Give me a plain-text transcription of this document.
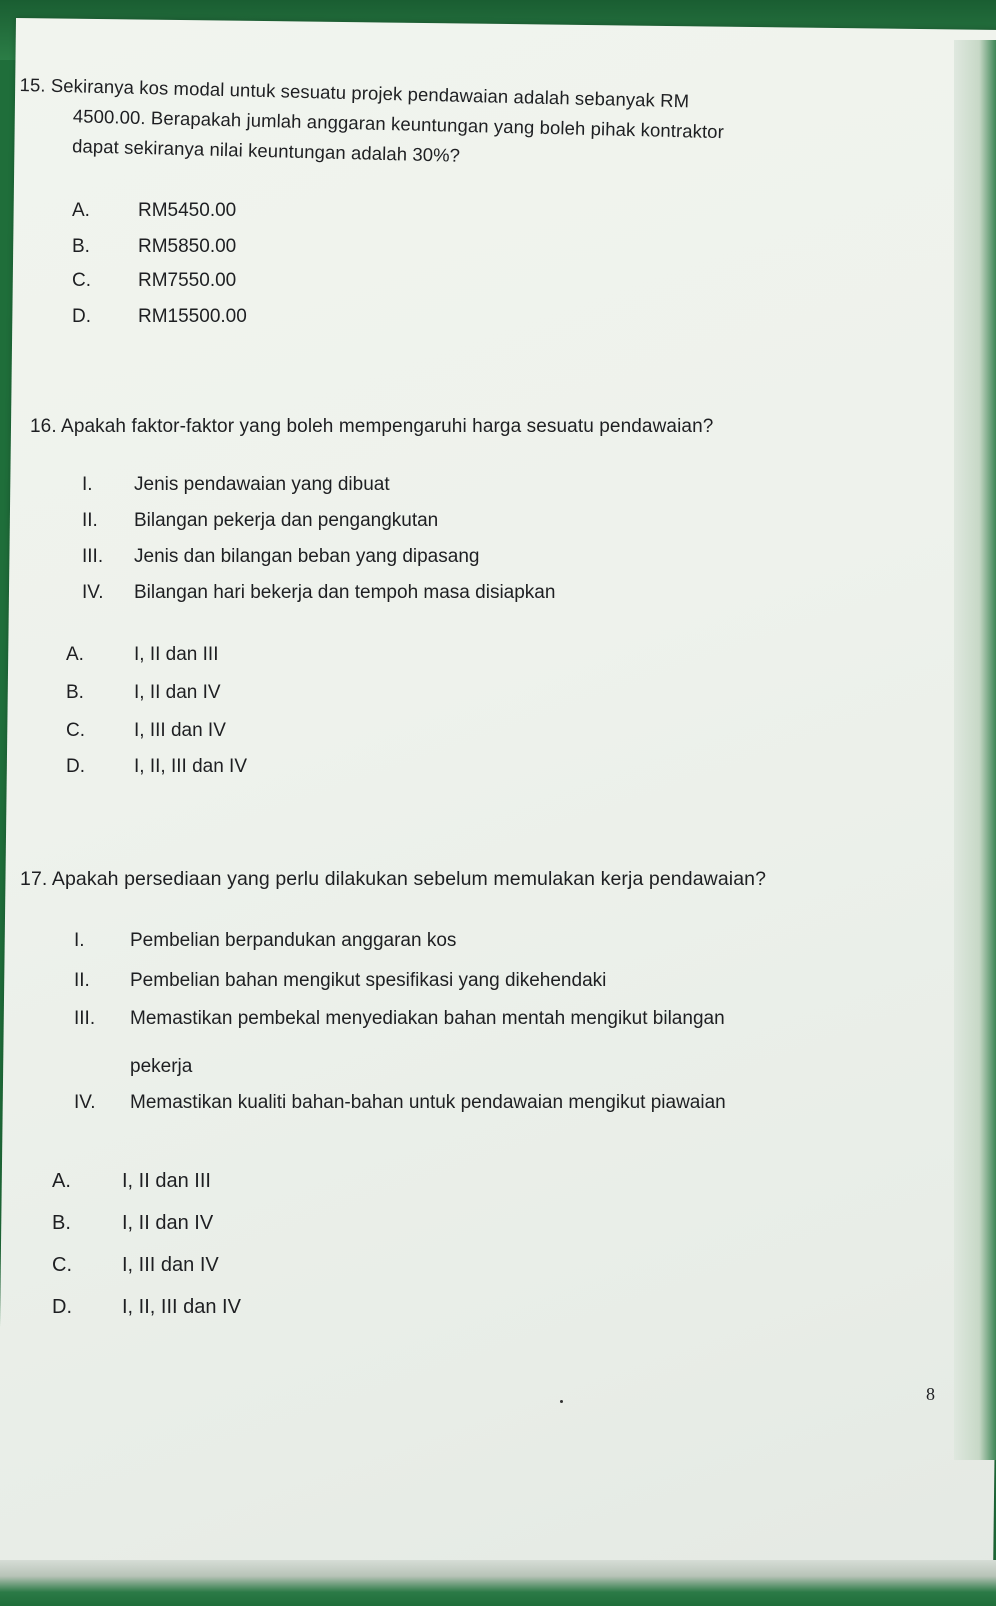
15. Sekiranya kos modal untuk sesuatu projek pendawaian adalah sebanyak RM
4500.00. Berapakah jumlah anggaran keuntungan yang boleh pihak kontraktor
dapat sekiranya nilai keuntungan adalah 30%?
A.	RM5450.00
B.	RM5850.00
C.	RM7550.00
D.	RM15500.00
16. Apakah faktor-faktor yang boleh mempengaruhi harga sesuatu pendawaian?
I.	Jenis pendawaian yang dibuat
II.	Bilangan pekerja dan pengangkutan
III.	Jenis dan bilangan beban yang dipasang
IV.	Bilangan hari bekerja dan tempoh masa disiapkan
A.	I, II dan III
B.	I, II dan IV
C.	I, III dan IV
D.	I, II, III dan IV
17. Apakah persediaan yang perlu dilakukan sebelum memulakan kerja pendawaian?
I.	Pembelian berpandukan anggaran kos
II.	Pembelian bahan mengikut spesifikasi yang dikehendaki
III.	Memastikan pembekal menyediakan bahan mentah mengikut bilangan
pekerja
IV.	Memastikan kualiti bahan-bahan untuk pendawaian mengikut piawaian
A.	I, II dan III
B.	I, II dan IV
C.	I, III dan IV
D.	I, II, III dan IV
8
